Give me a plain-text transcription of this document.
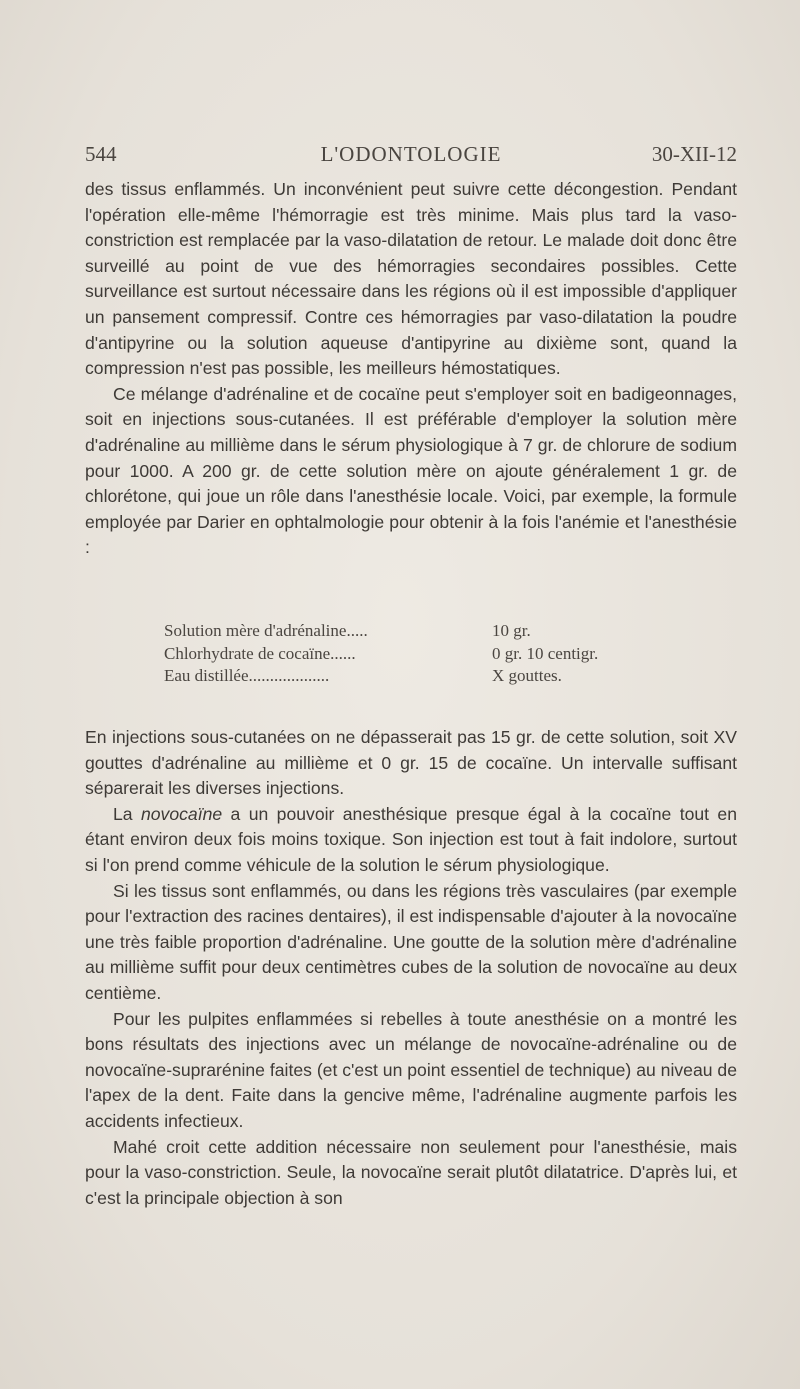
544	L'ODONTOLOGIE	30-XII-12

des tissus enflammés. Un inconvénient peut suivre cette décongestion. Pendant l'opération elle-même l'hémorragie est très minime. Mais plus tard la vaso-constriction est remplacée par la vaso-dilatation de retour. Le malade doit donc être surveillé au point de vue des hémorragies secondaires possibles. Cette surveillance est surtout nécessaire dans les régions où il est impossible d'appliquer un pansement compressif. Contre ces hémorragies par vaso-dilatation la poudre d'antipyrine ou la solution aqueuse d'antipyrine au dixième sont, quand la compression n'est pas possible, les meilleurs hémostatiques.

Ce mélange d'adrénaline et de cocaïne peut s'employer soit en badigeonnages, soit en injections sous-cutanées. Il est préférable d'employer la solution mère d'adrénaline au millième dans le sérum physiologique à 7 gr. de chlorure de sodium pour 1000. A 200 gr. de cette solution mère on ajoute généralement 1 gr. de chlorétone, qui joue un rôle dans l'anesthésie locale. Voici, par exemple, la formule employée par Darier en ophtalmologie pour obtenir à la fois l'anémie et l'anesthésie :

Solution mère d'adrénaline.....	10 gr.
Chlorhydrate de cocaïne......	0 gr. 10 centigr.
Eau distillée...................	X gouttes.

En injections sous-cutanées on ne dépasserait pas 15 gr. de cette solution, soit XV gouttes d'adrénaline au millième et 0 gr. 15 de cocaïne. Un intervalle suffisant séparerait les diverses injections.

La novocaïne a un pouvoir anesthésique presque égal à la cocaïne tout en étant environ deux fois moins toxique. Son injection est tout à fait indolore, surtout si l'on prend comme véhicule de la solution le sérum physiologique.

Si les tissus sont enflammés, ou dans les régions très vasculaires (par exemple pour l'extraction des racines dentaires), il est indispensable d'ajouter à la novocaïne une très faible proportion d'adrénaline. Une goutte de la solution mère d'adrénaline au millième suffit pour deux centimètres cubes de la solution de novocaïne au deux centième.

Pour les pulpites enflammées si rebelles à toute anesthésie on a montré les bons résultats des injections avec un mélange de novocaïne-adrénaline ou de novocaïne-suprarénine faites (et c'est un point essentiel de technique) au niveau de l'apex de la dent. Faite dans la gencive même, l'adrénaline augmente parfois les accidents infectieux.

Mahé croit cette addition nécessaire non seulement pour l'anesthésie, mais pour la vaso-constriction. Seule, la novocaïne serait plutôt dilatatrice. D'après lui, et c'est la principale objection à son
